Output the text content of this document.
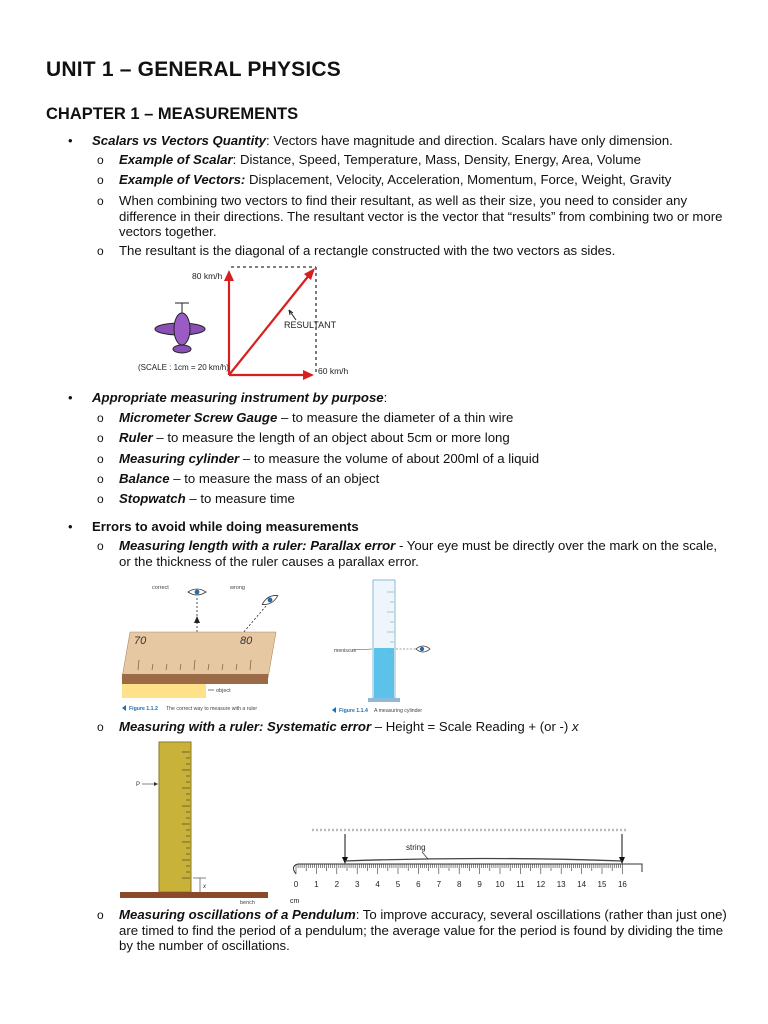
UNIT 1 – GENERAL PHYSICS
CHAPTER 1 – MEASUREMENTS
• Scalars vs Vectors Quantity: Vectors have magnitude and direction. Scalars have only dimension.
o Example of Scalar: Distance, Speed, Temperature, Mass, Density, Energy, Area, Volume
o Example of Vectors: Displacement, Velocity, Acceleration, Momentum, Force, Weight, Gravity
o When combining two vectors to find their resultant, as well as their size, you need to consider any difference in their directions. The resultant vector is the vector that “results” from combining two or more vectors together.
o The resultant is the diagonal of a rectangle constructed with the two vectors as sides.
RESULTANT
80 km/h
60 km/h
(SCALE : 1cm = 20 km/h)
• Appropriate measuring instrument by purpose:
o Micrometer Screw Gauge – to measure the diameter of a thin wire
o Ruler – to measure the length of an object about 5cm or more long
o Measuring cylinder – to measure the volume of about 200ml of a liquid
o Balance – to measure the mass of an object
o Stopwatch – to measure time
• Errors to avoid while doing measurements
o Measuring length with a ruler: Parallax error - Your eye must be directly over the mark on the scale, or the thickness of the ruler causes a parallax error.
correct	wrong
70	80
object
Figure 1.1.2 The correct way to measure with a ruler
meniscus
Figure 1.1.4 A measuring cylinder
o Measuring with a ruler: Systematic error – Height = Scale Reading + (or -) x
P
x
bench
string
0 1 2 3 4 5 6 7 8 9 10 11 12 13 14 15 16
cm
o Measuring oscillations of a Pendulum: To improve accuracy, several oscillations (rather than just one) are timed to find the period of a pendulum; the average value for the period is found by dividing the time by the number of oscillations.
